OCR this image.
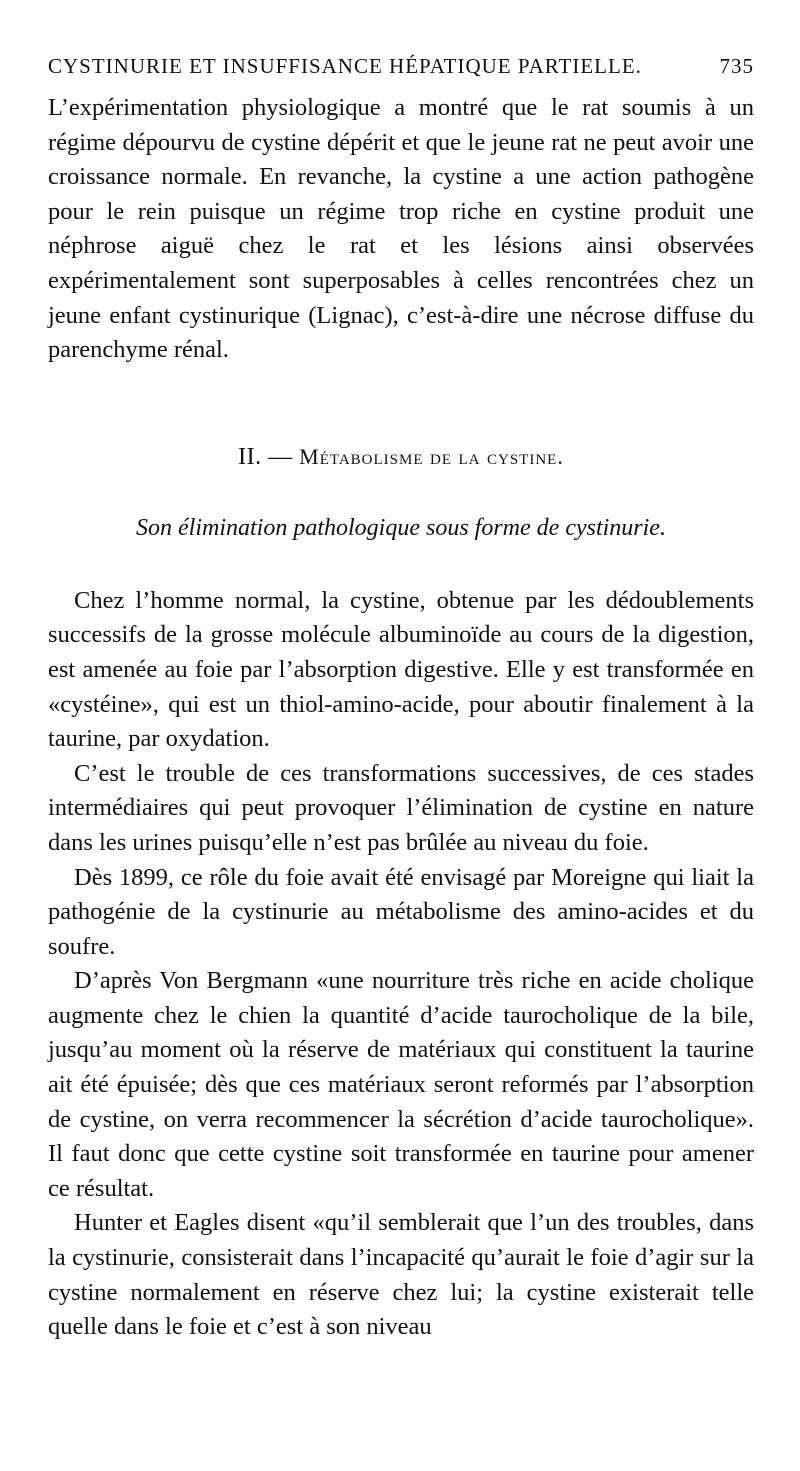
CYSTINURIE ET INSUFFISANCE HÉPATIQUE PARTIELLE.	735

L’expérimentation physiologique a montré que le rat soumis à un régime dépourvu de cystine dépérit et que le jeune rat ne peut avoir une croissance normale. En revanche, la cystine a une action pathogène pour le rein puisque un régime trop riche en cystine produit une néphrose aiguë chez le rat et les lésions ainsi observées expérimentalement sont superposables à celles rencontrées chez un jeune enfant cystinurique (Lignac), c’est-à-dire une nécrose diffuse du parenchyme rénal.

II. — Métabolisme de la cystine.
Son élimination pathologique sous forme de cystinurie.

Chez l’homme normal, la cystine, obtenue par les dédoublements successifs de la grosse molécule albuminoïde au cours de la digestion, est amenée au foie par l’absorption digestive. Elle y est transformée en «cystéine», qui est un thiol-amino-acide, pour aboutir finalement à la taurine, par oxydation.

C’est le trouble de ces transformations successives, de ces stades intermédiaires qui peut provoquer l’élimination de cystine en nature dans les urines puisqu’elle n’est pas brûlée au niveau du foie.

Dès 1899, ce rôle du foie avait été envisagé par Moreigne qui liait la pathogénie de la cystinurie au métabolisme des amino-acides et du soufre.

D’après Von Bergmann «une nourriture très riche en acide cholique augmente chez le chien la quantité d’acide taurocholique de la bile, jusqu’au moment où la réserve de matériaux qui constituent la taurine ait été épuisée; dès que ces matériaux seront reformés par l’absorption de cystine, on verra recommencer la sécrétion d’acide taurocholique». Il faut donc que cette cystine soit transformée en taurine pour amener ce résultat.

Hunter et Eagles disent «qu’il semblerait que l’un des troubles, dans la cystinurie, consisterait dans l’incapacité qu’aurait le foie d’agir sur la cystine normalement en réserve chez lui; la cystine existerait telle quelle dans le foie et c’est à son niveau
